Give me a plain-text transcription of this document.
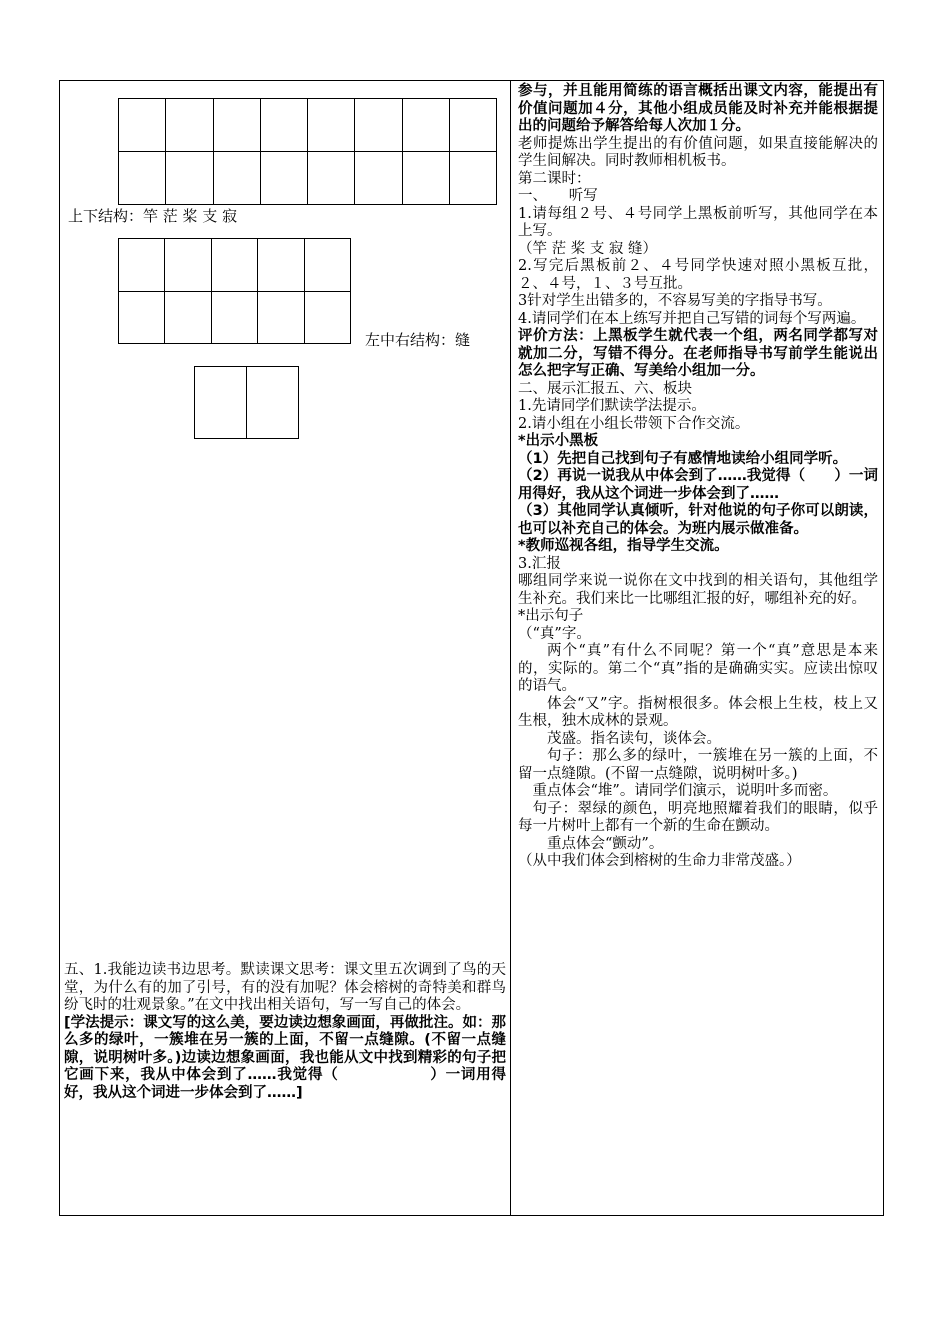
上下结构：竿 茫 桨 支 寂

左中右结构：缝

五、1.我能边读书边思考。默读课文思考：课文里五次调到了鸟的天堂，为什么有的加了引号，有的没有加呢？体会榕树的奇特美和群鸟纷飞时的壮观景象。”在文中找出相关语句，写一写自己的体会。

[学法提示：课文写的这么美，要边读边想象画面，再做批注。如：那么多的绿叶，一簇堆在另一簇的上面，不留一点缝隙。(不留一点缝隙，说明树叶多。)边读边想象画面，我也能从文中找到精彩的句子把它画下来，我从中体会到了……我觉得（　　　　　　）一词用得好，我从这个词进一步体会到了……]

参与，并且能用简练的语言概括出课文内容，能提出有价值问题加４分，其他小组成员能及时补充并能根据提出的问题给予解答给每人次加１分。

老师提炼出学生提出的有价值问题，如果直接能解决的学生间解决。同时教师相机板书。

第二课时：

一、　　听写

1.请每组２号、４号同学上黑板前听写，其他同学在本上写。

（竿 茫 桨 支 寂 缝）

2.写完后黑板前２、４号同学快速对照小黑板互批，２、４号，１、３号互批。

3针对学生出错多的，不容易写美的字指导书写。

4.请同学们在本上练写并把自己写错的词每个写两遍。

评价方法：上黑板学生就代表一个组，两名同学都写对就加二分，写错不得分。在老师指导书写前学生能说出怎么把字写正确、写美给小组加一分。

二、展示汇报五、六、板块

1.先请同学们默读学法提示。

2.请小组在小组长带领下合作交流。

*出示小黑板

（1）先把自己找到句子有感情地读给小组同学听。

（2）再说一说我从中体会到了……我觉得（　　）一词用得好，我从这个词进一步体会到了……

（3）其他同学认真倾听，针对他说的句子你可以朗读，也可以补充自己的体会。为班内展示做准备。

*教师巡视各组，指导学生交流。

3.汇报

哪组同学来说一说你在文中找到的相关语句，其他组学生补充。我们来比一比哪组汇报的好，哪组补充的好。

*出示句子

（“真”字。

两个“真”有什么不同呢？第一个“真”意思是本来的，实际的。第二个“真”指的是确确实实。应读出惊叹的语气。

体会“又”字。指树根很多。体会根上生枝，枝上又生根，独木成林的景观。

茂盛。指名读句，谈体会。

句子：那么多的绿叶，一簇堆在另一簇的上面，不留一点缝隙。(不留一点缝隙，说明树叶多。)

重点体会“堆”。请同学们演示，说明叶多而密。

句子：翠绿的颜色，明亮地照耀着我们的眼睛，似乎每一片树叶上都有一个新的生命在颤动。

重点体会“颤动”。

（从中我们体会到榕树的生命力非常茂盛。）
